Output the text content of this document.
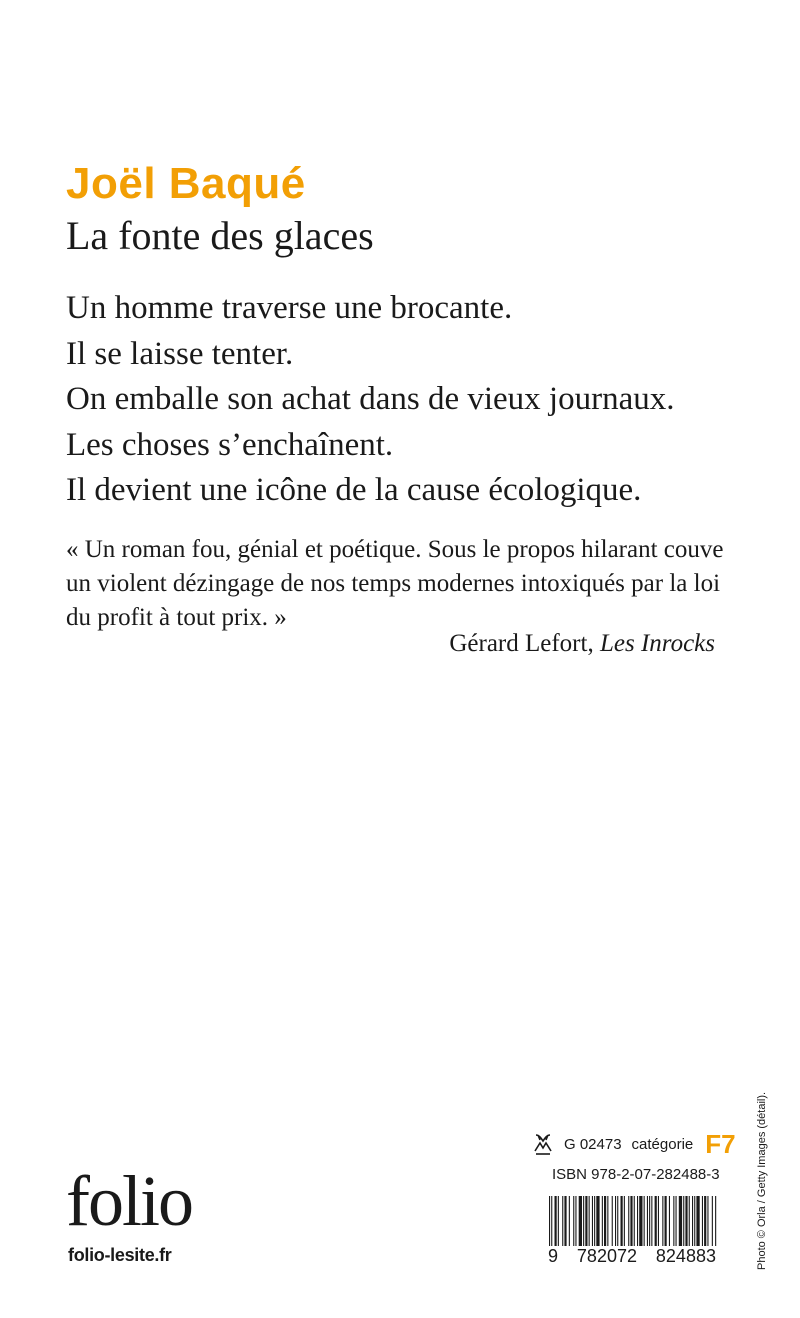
Joël Baqué
La fonte des glaces

Un homme traverse une brocante.

Il se laisse tenter.

On emballe son achat dans de vieux journaux.

Les choses s’enchaînent.

Il devient une icône de la cause écologique.

« Un roman fou, génial et poétique. Sous le propos hilarant couve un violent dézingage de nos temps modernes intoxiqués par la loi du profit à tout prix. »
Gérard Lefort, Les Inrocks
G 02473 catégorie F7
ISBN 978-2-07-282488-3
9 782072 824883
folio
folio-lesite.fr	Photo © Orla / Getty Images (détail).
